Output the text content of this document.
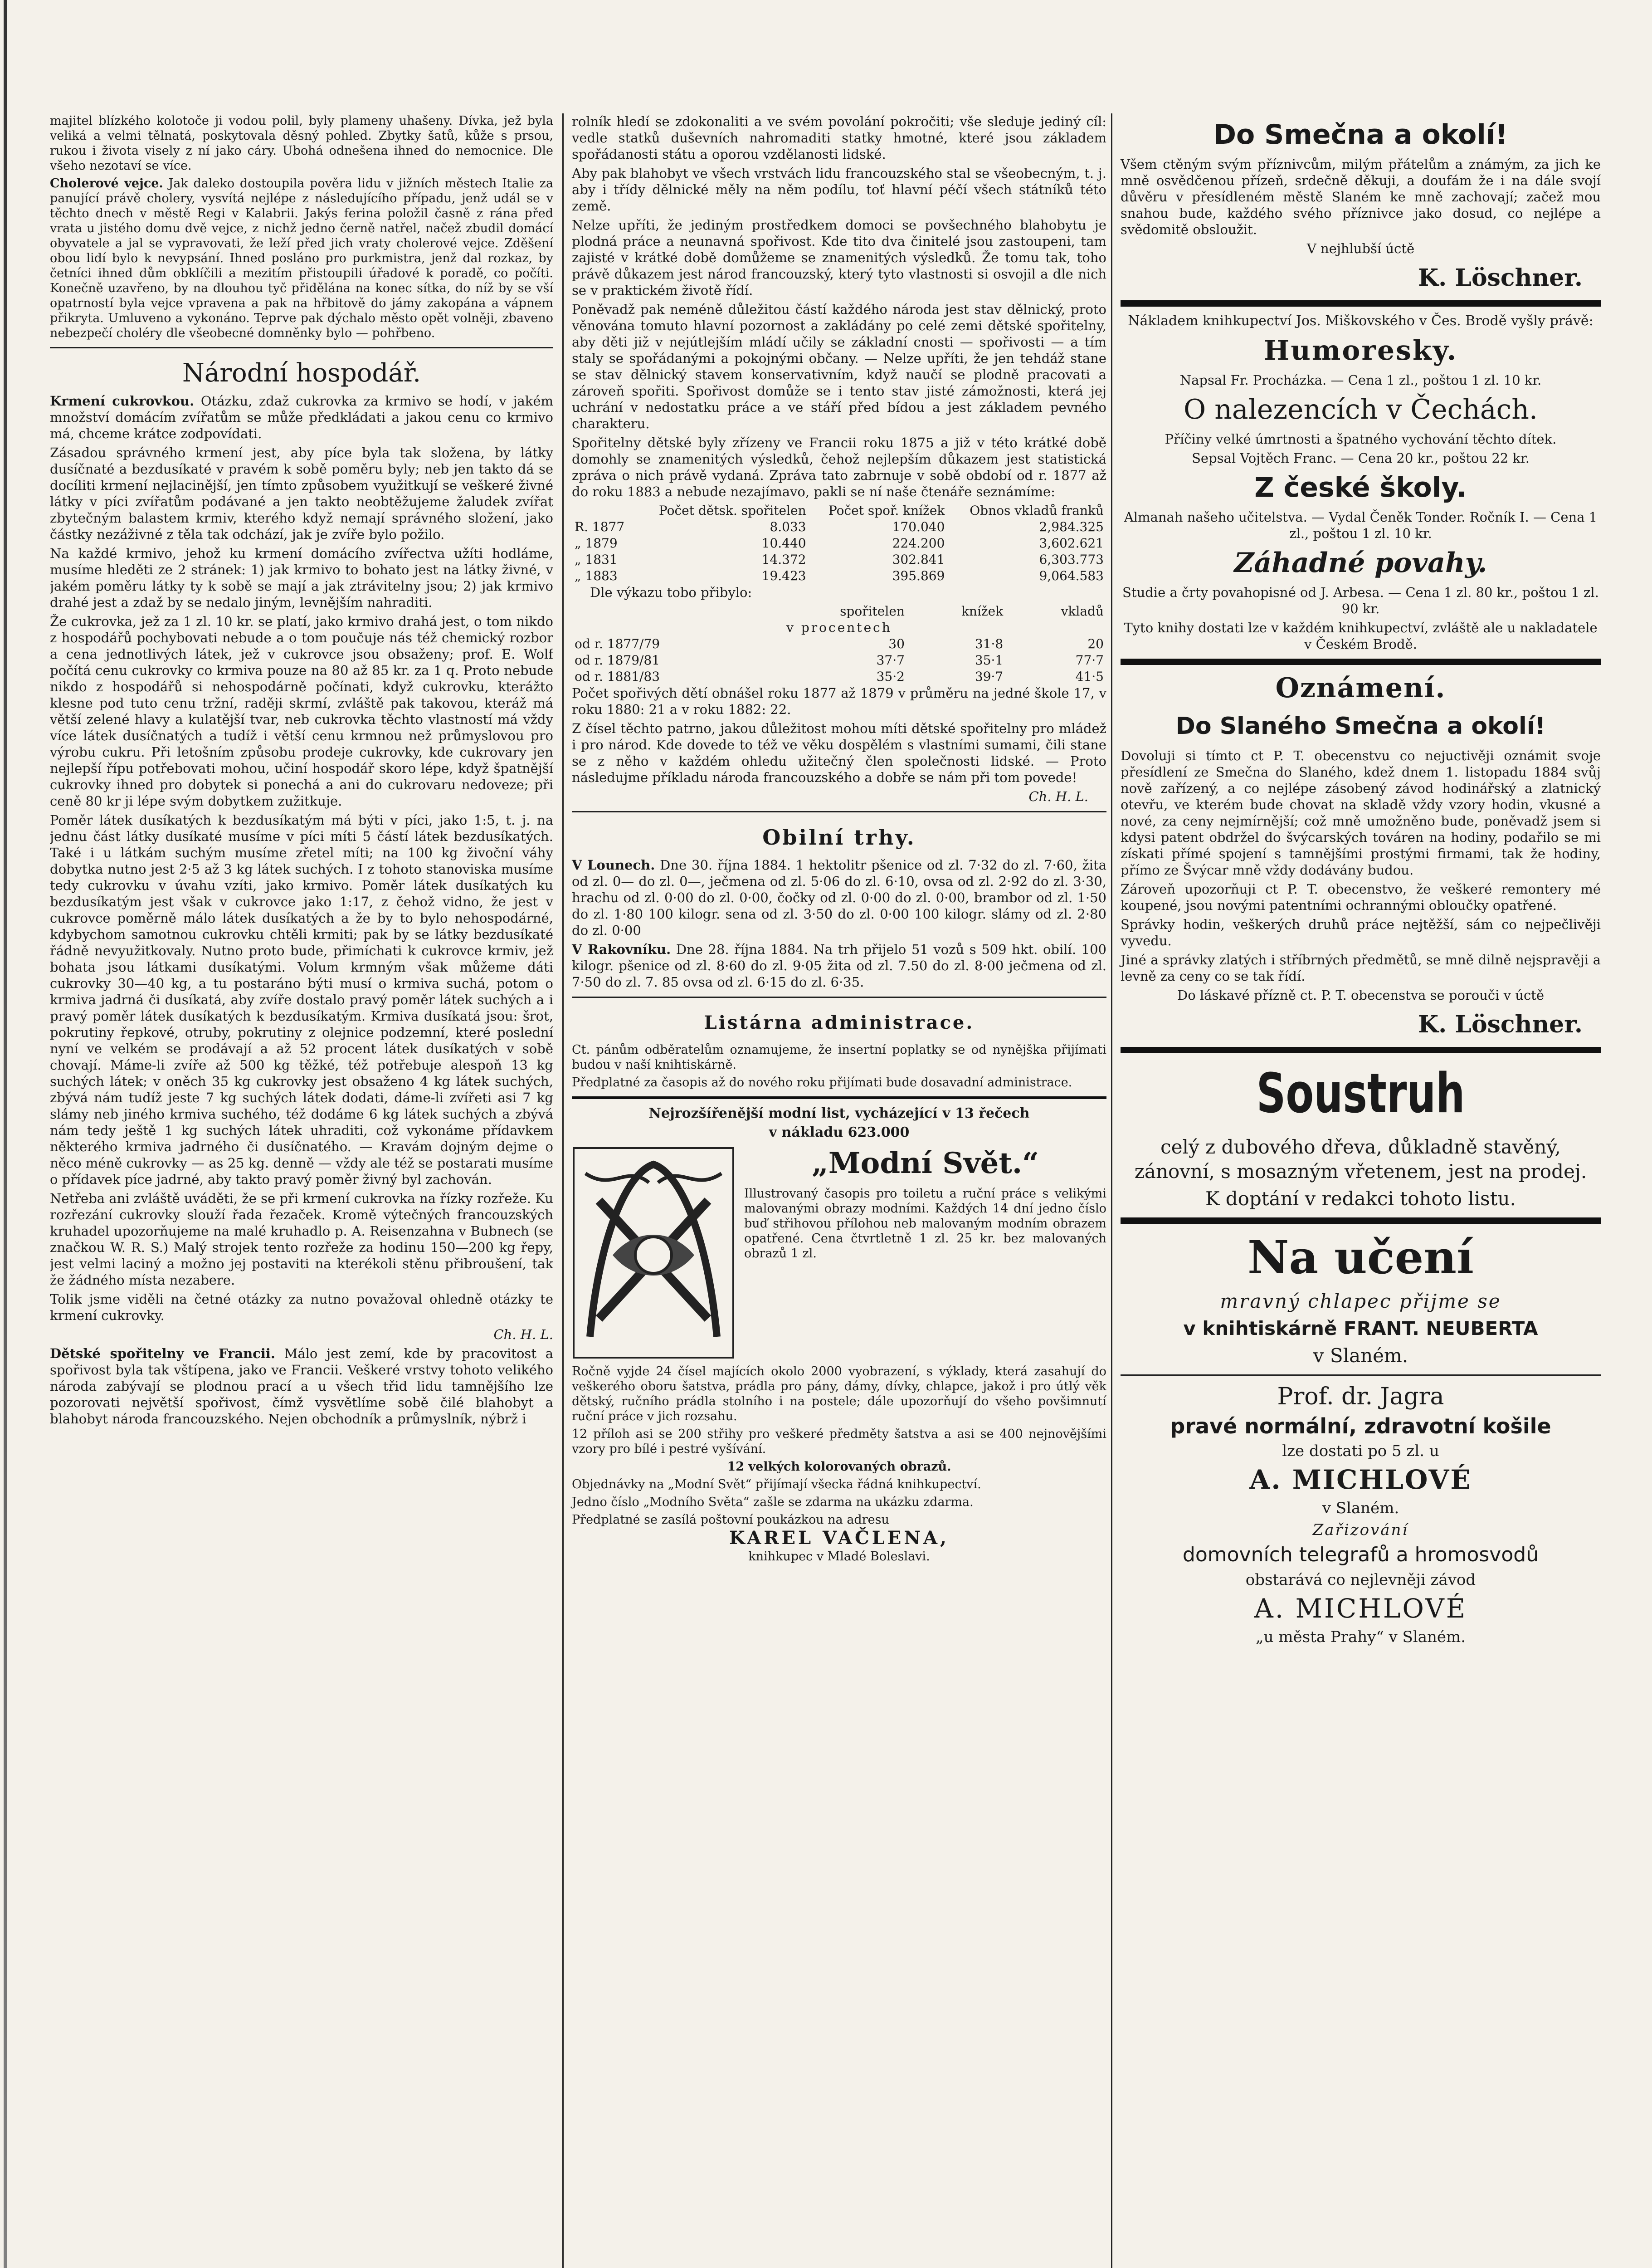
majitel blízkého kolotoče ji vodou polil, byly plameny uhašeny. Dívka, jež byla veliká a velmi tělnatá, poskytovala děsný pohled. Zbytky šatů, kůže s prsou, rukou i života visely z ní jako cáry. Ubohá odnešena ihned do nemocnice. Dle všeho nezotaví se více.

Cholerové vejce. Jak daleko dostoupila pověra lidu v jižních městech Italie za panující právě cholery, vysvítá nejlépe z následujícího případu, jenž udál se v těchto dnech v městě Regi v Kalabrii. Jakýs ferina položil časně z rána před vrata u jistého domu dvě vejce, z nichž jedno černě natřel, načež zbudil domácí obyvatele a jal se vypravovati, že leží před jich vraty cholerové vejce. Zděšení obou lidí bylo k nevypsání. Ihned posláno pro purkmistra, jenž dal rozkaz, by četníci ihned dům obklíčili a mezitím přistoupili úřadové k poradě, co počíti. Konečně uzavřeno, by na dlouhou tyč přidělána na konec sítka, do níž by se vší opatrností byla vejce vpravena a pak na hřbitově do jámy zakopána a vápnem přikryta. Umluveno a vykonáno. Teprve pak dýchalo město opět volněji, zbaveno nebezpečí choléry dle všeobecné domněnky bylo — pohřbeno.

Národní hospodář.

Krmení cukrovkou. Otázku, zdaž cukrovka za krmivo se hodí, v jakém množství domácím zvířatům se může předkládati a jakou cenu co krmivo má, chceme krátce zodpovídati.

Zásadou správného krmení jest, aby píce byla tak složena, by látky dusíčnaté a bezdusíkaté v pravém k sobě poměru byly; neb jen takto dá se docíliti krmení nejlacinější, jen tímto způsobem využitkují se veškeré živné látky v píci zvířatům podávané a jen takto neobtěžujeme žaludek zvířat zbytečným balastem krmiv, kterého když nemají správného složení, jako částky nezáživné z těla tak odchází, jak je zvíře bylo požilo.

Na každé krmivo, jehož ku krmení domácího zvířectva užíti hodláme, musíme hleděti ze 2 stránek: 1) jak krmivo to bohato jest na látky živné, v jakém poměru látky ty k sobě se mají a jak ztrávitelny jsou; 2) jak krmivo drahé jest a zdaž by se nedalo jiným, levnějším nahraditi.

Že cukrovka, jež za 1 zl. 10 kr. se platí, jako krmivo drahá jest, o tom nikdo z hospodářů pochybovati nebude a o tom poučuje nás též chemický rozbor a cena jednotlivých látek, jež v cukrovce jsou obsaženy; prof. E. Wolf počítá cenu cukrovky co krmiva pouze na 80 až 85 kr. za 1 q. Proto nebude nikdo z hospodářů si nehospodárně počínati, když cukrovku, kterážto klesne pod tuto cenu tržní, raději skrmí, zvláště pak takovou, kteráž má větší zelené hlavy a kulatější tvar, neb cukrovka těchto vlastností má vždy více látek dusíčnatých a tudíž i větší cenu krmnou než průmyslovou pro výrobu cukru. Při letošním způsobu prodeje cukrovky, kde cukrovary jen nejlepší řípu potřebovati mohou, učiní hospodář skoro lépe, když špatnější cukrovky ihned pro dobytek si ponechá a ani do cukrovaru nedoveze; při ceně 80 kr ji lépe svým dobytkem zužitkuje.

Poměr látek dusíkatých k bezdusíkatým má býti v píci, jako 1:5, t. j. na jednu část látky dusíkaté musíme v píci míti 5 částí látek bezdusíkatých. Také i u látkám suchým musíme zřetel míti; na 100 kg živoční váhy dobytka nutno jest 2·5 až 3 kg látek suchých. I z tohoto stanoviska musíme tedy cukrovku v úvahu vzíti, jako krmivo. Poměr látek dusíkatých ku bezdusíkatým jest však v cukrovce jako 1:17, z čehož vidno, že jest v cukrovce poměrně málo látek dusíkatých a že by to bylo nehospodárné, kdybychom samotnou cukrovku chtěli krmiti; pak by se látky bezdusíkaté řádně nevyužitkovaly. Nutno proto bude, přimíchati k cukrovce krmiv, jež bohata jsou látkami dusíkatými. Volum krmným však můžeme dáti cukrovky 30—40 kg, a tu postaráno býti musí o krmiva suchá, potom o krmiva jadrná či dusíkatá, aby zvíře dostalo pravý poměr látek suchých a i pravý poměr látek dusíkatých k bezdusíkatým. Krmiva dusíkatá jsou: šrot, pokrutiny řepkové, otruby, pokrutiny z olejnice podzemní, které poslední nyní ve velkém se prodávají a až 52 procent látek dusíkatých v sobě chovají. Máme-li zvíře až 500 kg těžké, též potřebuje alespoň 13 kg suchých látek; v oněch 35 kg cukrovky jest obsaženo 4 kg látek suchých, zbývá nám tudíž jeste 7 kg suchých látek dodati, dáme-li zvířeti asi 7 kg slámy neb jiného krmiva suchého, též dodáme 6 kg látek suchých a zbývá nám tedy ještě 1 kg suchých látek uhraditi, což vykonáme přídavkem některého krmiva jadrného či dusíčnatého. — Kravám dojným dejme o něco méně cukrovky — as 25 kg. denně — vždy ale též se postarati musíme o přídavek píce jadrné, aby takto pravý poměr živný byl zachován.

Netřeba ani zvláště uváděti, že se při krmení cukrovka na řízky rozřeže. Ku rozřezání cukrovky slouží řada řezaček. Kromě výtečných francouzských kruhadel upozorňujeme na malé kruhadlo p. A. Reisenzahna v Bubnech (se značkou W. R. S.) Malý strojek tento rozřeže za hodinu 150—200 kg řepy, jest velmi laciný a možno jej postaviti na kterékoli stěnu přibroušení, tak že žádného místa nezabere.

Tolik jsme viděli na četné otázky za nutno považoval ohledně otázky te krmení cukrovky.

Ch. H. L.

Dětské spořitelny ve Francii. Málo jest zemí, kde by pracovitost a spořivost byla tak vštípena, jako ve Francii. Veškeré vrstvy tohoto velikého národa zabývají se plodnou prací a u všech třid lidu tamnějšího lze pozorovati největší spořivost, čímž vysvětlíme sobě čilé blahobyt a blahobyt národa francouzského. Nejen obchodník a průmyslník, nýbrž i

rolník hledí se zdokonaliti a ve svém povolání pokročiti; vše sleduje jediný cíl: vedle statků duševních nahromaditi statky hmotné, které jsou základem spořádanosti státu a oporou vzdělanosti lidské.

Aby pak blahobyt ve všech vrstvách lidu francouzského stal se všeobecným, t. j. aby i třídy dělnické měly na něm podílu, toť hlavní péčí všech státníků této země.

Nelze upříti, že jediným prostředkem domoci se povšechného blahobytu je plodná práce a neunavná spořivost. Kde tito dva činitelé jsou zastoupeni, tam zajisté v krátké době domůžeme se znamenitých výsledků. Že tomu tak, toho právě důkazem jest národ francouzský, který tyto vlastnosti si osvojil a dle nich se v praktickém životě řídí.

Poněvadž pak neméně důležitou částí každého národa jest stav dělnický, proto věnována tomuto hlavní pozornost a zakládány po celé zemi dětské spořitelny, aby děti již v nejútlejším mládí učily se základní cnosti — spořivosti — a tím staly se spořádanými a pokojnými občany. — Nelze upříti, že jen tehdáž stane se stav dělnický stavem konservativním, když naučí se plodně pracovati a zároveň spořiti. Spořivost domůže se i tento stav jisté zámožnosti, která jej uchrání v nedostatku práce a ve stáří před bídou a jest základem pevného charakteru.

Spořitelny dětské byly zřízeny ve Francii roku 1875 a již v této krátké době domohly se znamenitých výsledků, čehož nejlepším důkazem jest statistická zpráva o nich právě vydaná. Zpráva tato zabrnuje v sobě období od r. 1877 až do roku 1883 a nebude nezajímavo, pakli se ní naše čtenáře seznámíme:

	Počet dětsk. spořitelen	Počet spoř. knížek	Obnos vkladů franků
R. 1877	8.033	170.040	2,984.325
„ 1879	10.440	224.200	3,602.621
„ 1831	14.372	302.841	6,303.773
„ 1883	19.423	395.869	9,064.583

Dle výkazu tobo přibylo:

	spořitelen	knížek	vkladů
v procentech			
od r. 1877/79	30	31·8	20
od r. 1879/81	37·7	35·1	77·7
od r. 1881/83	35·2	39·7	41·5

Počet spořivých dětí obnášel roku 1877 až 1879 v průměru na jedné škole 17, v roku 1880: 21 a v roku 1882: 22.

Z čísel těchto patrno, jakou důležitost mohou míti dětské spořitelny pro mládež i pro národ. Kde dovede to též ve věku dospělém s vlastními sumami, čili stane se z něho v každém ohledu užitečný člen společnosti lidské. — Proto následujme příkladu národa francouzského a dobře se nám při tom povede!

Ch. H. L.

Obilní trhy.

V Lounech. Dne 30. října 1884. 1 hektolitr pšenice od zl. 7·32 do zl. 7·60, žita od zl. 0— do zl. 0—, ječmena od zl. 5·06 do zl. 6·10, ovsa od zl. 2·92 do zl. 3·30, hrachu od zl. 0·00 do zl. 0·00, čočky od zl. 0·00 do zl. 0·00, brambor od zl. 1·50 do zl. 1·80 100 kilogr. sena od zl. 3·50 do zl. 0·00 100 kilogr. slámy od zl. 2·80 do zl. 0·00

V Rakovníku. Dne 28. října 1884. Na trh přijelo 51 vozů s 509 hkt. obilí. 100 kilogr. pšenice od zl. 8·60 do zl. 9·05 žita od zl. 7.50 do zl. 8·00 ječmena od zl. 7·50 do zl. 7. 85 ovsa od zl. 6·15 do zl. 6·35.

Listárna administrace.

Ct. pánům odběratelům oznamujeme, že insertní poplatky se od nynějška přijímati budou v naší knihtiskárně.

Předplatné za časopis až do nového roku přijímati bude dosavadní administrace.

Nejrozšířenější modní list, vycházející v 13 řečech

v nákladu 623.000

„Modní Svět.“

Illustrovaný časopis pro toiletu a ruční práce s velikými malovanými obrazy modními. Každých 14 dní jedno číslo buď střihovou přílohou neb malovaným modním obrazem opatřené. Cena čtvrtletně 1 zl. 25 kr. bez malovaných obrazů 1 zl.

Ročně vyjde 24 čísel majících okolo 2000 vyobrazení, s výklady, která zasahují do veškerého oboru šatstva, prádla pro pány, dámy, dívky, chlapce, jakož i pro útlý věk dětský, ručního prádla stolního i na postele; dále upozorňují do všeho povšimnutí ruční práce v jich rozsahu.

12 příloh asi se 200 střihy pro veškeré předměty šatstva a asi se 400 nejnovějšími vzory pro bílé i pestré vyšívání.

12 velkých kolorovaných obrazů.

Objednávky na „Modní Svět“ přijímají všecka řádná knihkupectví.

Jedno číslo „Modního Světa“ zašle se zdarma na ukázku zdarma.

Předplatné se zasílá poštovní poukázkou na adresu

KAREL VAČLENA,

knihkupec v Mladé Boleslavi.

Do Smečna a okolí!

Všem ctěným svým příznivcům, milým přátelům a známým, za jich ke mně osvědčenou přízeň, srdečně děkuji, a doufám že i na dále svojí důvěru v přesídleném městě Slaném ke mně zachovají; začež mou snahou bude, každého svého příznivce jako dosud, co nejlépe a svědomitě obsloužit.

V nejhlubší úctě

K. Löschner.

Nákladem knihkupectví Jos. Miškovského v Čes. Brodě vyšly právě:

Humoresky.

Napsal Fr. Procházka. — Cena 1 zl., poštou 1 zl. 10 kr.

O nalezencích v Čechách.

Příčiny velké úmrtnosti a špatného vychování těchto dítek.

Sepsal Vojtěch Franc. — Cena 20 kr., poštou 22 kr.

Z české školy.

Almanah našeho učitelstva. — Vydal Čeněk Tonder. Ročník I. — Cena 1 zl., poštou 1 zl. 10 kr.

Záhadné povahy.

Studie a črty povahopisné od J. Arbesa. — Cena 1 zl. 80 kr., poštou 1 zl. 90 kr.

Tyto knihy dostati lze v každém knihkupectví, zvláště ale u nakladatele v Českém Brodě.

Oznámení.
Do Slaného Smečna a okolí!

Dovoluji si tímto ct P. T. obecenstvu co nejuctivěji oznámit svoje přesídlení ze Smečna do Slaného, kdež dnem 1. listopadu 1884 svůj nově zařízený, a co nejlépe zásobený závod hodinářský a zlatnický otevřu, ve kterém bude chovat na skladě vždy vzory hodin, vkusné a nové, za ceny nejmírnější; což mně umožněno bude, poněvadž jsem si kdysi patent obdržel do švýcarských továren na hodiny, podařilo se mi získati přímé spojení s tamnějšími prostými firmami, tak že hodiny, přímo ze Švýcar mně vždy dodávány budou.

Zároveň upozorňuji ct P. T. obecenstvo, že veškeré remontery mé koupené, jsou novými patentními ochrannými obloučky opatřené.

Správky hodin, veškerých druhů práce nejtěžší, sám co nejpečlivěji vyvedu.

Jiné a správky zlatých i stříbrných předmětů, se mně dilně nejspravěji a levně za ceny co se tak řídí.

Do láskavé přízně ct. P. T. obecenstva se porouči v úctě

K. Löschner.
Soustruh

celý z dubového dřeva, důkladně stavěný, zánovní, s mosazným vřetenem, jest na prodej.

K doptání v redakci tohoto listu.

Na učení

mravný chlapec přijme se

v knihtiskárně FRANT. NEUBERTA

v Slaném.

Prof. dr. Jagra

pravé normální, zdravotní košile

lze dostati po 5 zl. u

A. MICHLOVÉ

v Slaném.

Zařizování

domovních telegrafů a hromosvodů

obstarává co nejlevněji závod

A. MICHLOVÉ

„u města Prahy“ v Slaném.
